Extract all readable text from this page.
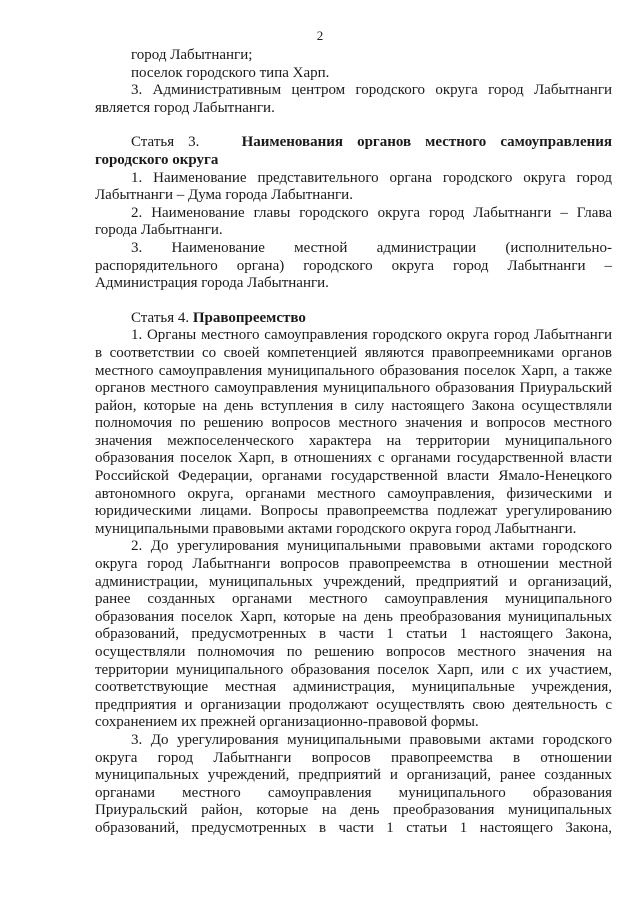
2

город Лабытнанги;

поселок городского типа Харп.

3. Административным центром городского округа город Лабытнанги является город Лабытнанги.

Статья 3.	Наименования органов местного самоуправления городского округа

1. Наименование представительного органа городского округа город Лабытнанги – Дума города Лабытнанги.

2. Наименование главы городского округа город Лабытнанги – Глава города Лабытнанги.

3. Наименование местной администрации (исполнительно-распорядительного органа) городского округа город Лабытнанги – Администрация города Лабытнанги.

Статья 4. Правопреемство

1. Органы местного самоуправления городского округа город Лабытнанги в соответствии со своей компетенцией являются правопреемниками органов местного самоуправления муниципального образования поселок Харп, а также органов местного самоуправления муниципального образования Приуральский район, которые на день вступления в силу настоящего Закона осуществляли полномочия по решению вопросов местного значения и вопросов местного значения межпоселенческого характера на территории муниципального образования поселок Харп, в отношениях с органами государственной власти Российской Федерации, органами государственной власти Ямало-Ненецкого автономного округа, органами местного самоуправления, физическими и юридическими лицами. Вопросы правопреемства подлежат урегулированию муниципальными правовыми актами городского округа город Лабытнанги.

2. До урегулирования муниципальными правовыми актами городского округа город Лабытнанги вопросов правопреемства в отношении местной администрации, муниципальных учреждений, предприятий и организаций, ранее созданных органами местного самоуправления муниципального образования поселок Харп, которые на день преобразования муниципальных образований, предусмотренных в части 1 статьи 1 настоящего Закона, осуществляли полномочия по решению вопросов местного значения на территории муниципального образования поселок Харп, или с их участием, соответствующие местная администрация, муниципальные учреждения, предприятия и организации продолжают осуществлять свою деятельность с сохранением их прежней организационно-правовой формы.

3. До урегулирования муниципальными правовыми актами городского округа город Лабытнанги вопросов правопреемства в отношении муниципальных учреждений, предприятий и организаций, ранее созданных органами местного самоуправления муниципального образования Приуральский район, которые на день преобразования муниципальных образований, предусмотренных в части 1 статьи 1 настоящего Закона,
